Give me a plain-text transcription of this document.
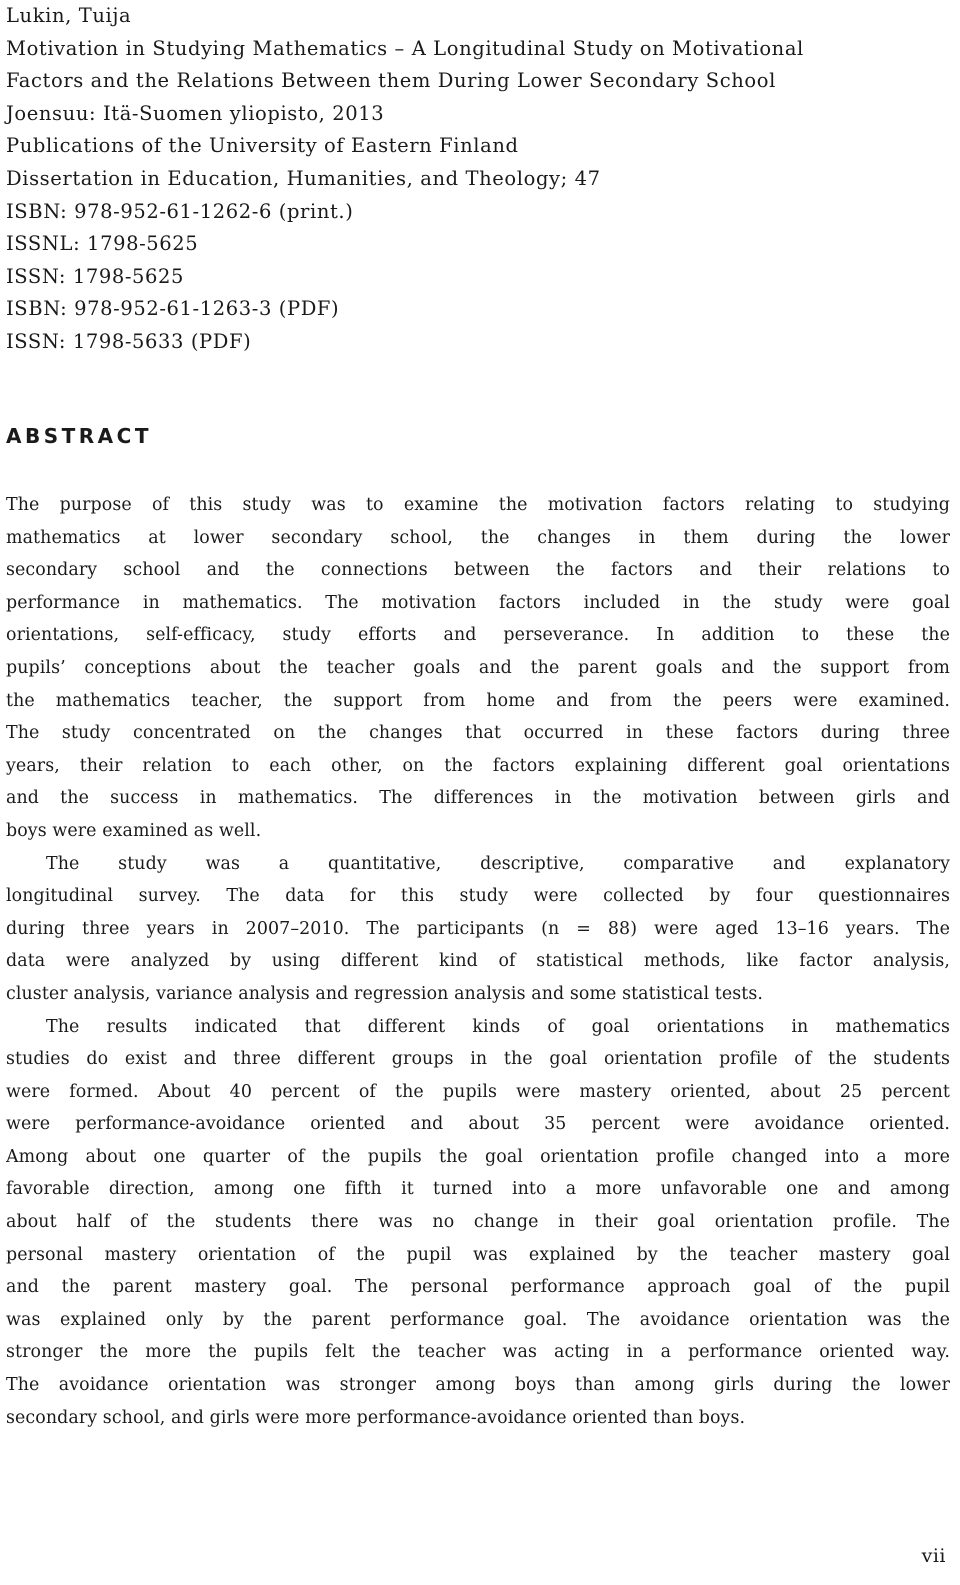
Lukin, Tuija
Motivation in Studying Mathematics – A Longitudinal Study on Motivational
Factors and the Relations Between them During Lower Secondary School
Joensuu: Itä-Suomen yliopisto, 2013
Publications of the University of Eastern Finland
Dissertation in Education, Humanities, and Theology; 47
ISBN: 978-952-61-1262-6 (print.)
ISSNL: 1798-5625
ISSN: 1798-5625
ISBN: 978-952-61-1263-3 (PDF)
ISSN: 1798-5633 (PDF)
ABSTRACT

The purpose of this study was to examine the motivation factors relating to studying
mathematics at lower secondary school, the changes in them during the lower
secondary school and the connections between the factors and their relations to
performance in mathematics. The motivation factors included in the study were goal
orientations, self-efficacy, study efforts and perseverance. In addition to these the
pupils’ conceptions about the teacher goals and the parent goals and the support from
the mathematics teacher, the support from home and from the peers were examined.
The study concentrated on the changes that occurred in these factors during three
years, their relation to each other, on the factors explaining different goal orientations
and the success in mathematics. The differences in the motivation between girls and
boys were examined as well.

The study was a quantitative, descriptive, comparative and explanatory
longitudinal survey. The data for this study were collected by four questionnaires
during three years in 2007–2010. The participants (n = 88) were aged 13–16 years. The
data were analyzed by using different kind of statistical methods, like factor analysis,
cluster analysis, variance analysis and regression analysis and some statistical tests.

The results indicated that different kinds of goal orientations in mathematics
studies do exist and three different groups in the goal orientation profile of the students
were formed. About 40 percent of the pupils were mastery oriented, about 25 percent
were performance-avoidance oriented and about 35 percent were avoidance oriented.
Among about one quarter of the pupils the goal orientation profile changed into a more
favorable direction, among one fifth it turned into a more unfavorable one and among
about half of the students there was no change in their goal orientation profile. The
personal mastery orientation of the pupil was explained by the teacher mastery goal
and the parent mastery goal. The personal performance approach goal of the pupil
was explained only by the parent performance goal. The avoidance orientation was the
stronger the more the pupils felt the teacher was acting in a performance oriented way.
The avoidance orientation was stronger among boys than among girls during the lower
secondary school, and girls were more performance-avoidance oriented than boys.

vii
